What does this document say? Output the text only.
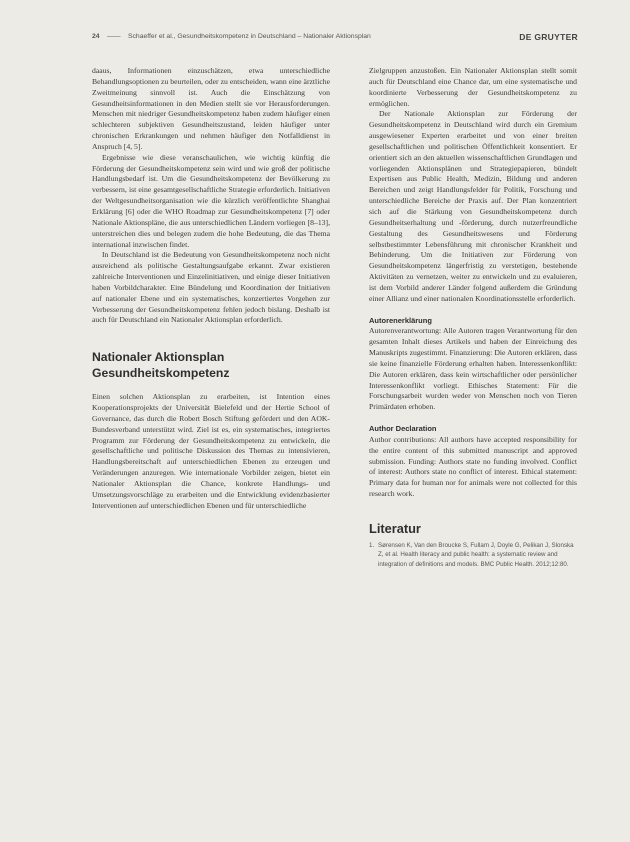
24 —— Schaeffer et al., Gesundheitskompetenz in Deutschland – Nationaler Aktionsplan	DE GRUYTER

daaus, Informationen einzuschätzen, etwa unterschiedliche Behandlungsoptionen zu beurteilen, oder zu entscheiden, wann eine ärztliche Zweitmeinung sinnvoll ist. Auch die Einschätzung von Gesundheitsinformationen in den Medien stellt sie vor Herausforderungen. Menschen mit niedriger Gesundheitskompetenz haben zudem häufiger einen schlechteren subjektiven Gesundheitszustand, leiden häufiger unter chronischen Erkrankungen und nehmen häufiger den Notfalldienst in Anspruch [4, 5].

Ergebnisse wie diese veranschaulichen, wie wichtig künftig die Förderung der Gesundheitskompetenz sein wird und wie groß der politische Handlungsbedarf ist. Um die Gesundheitskompetenz der Bevölkerung zu verbessern, ist eine gesamtgesellschaftliche Strategie erforderlich. Initiativen der Weltgesundheitsorganisation wie die kürzlich veröffentlichte Shanghai Erklärung [6] oder die WHO Roadmap zur Gesundheitskompetenz [7] oder Nationale Aktionspläne, die aus unterschiedlichen Ländern vorliegen [8–13], unterstreichen dies und belegen zudem die hohe Bedeutung, die das Thema international inzwischen findet.

In Deutschland ist die Bedeutung von Gesundheitskompetenz noch nicht ausreichend als politische Gestaltungsaufgabe erkannt. Zwar existieren zahlreiche Interventionen und Einzelinitiativen, und einige dieser Initiativen haben Vorbildcharakter. Eine Bündelung und Koordination der Initiativen auf nationaler Ebene und ein systematisches, konzertiertes Vorgehen zur Verbesserung der Gesundheitskompetenz fehlen jedoch bislang. Deshalb ist auch für Deutschland ein Nationaler Aktionsplan erforderlich.

Nationaler Aktionsplan
Gesundheitskompetenz

Einen solchen Aktionsplan zu erarbeiten, ist Intention eines Kooperationsprojekts der Universität Bielefeld und der Hertie School of Governance, das durch die Robert Bosch Stiftung gefördert und den AOK-Bundesverband unterstützt wird. Ziel ist es, ein systematisches, integriertes Programm zur Förderung der Gesundheitskompetenz zu entwickeln, die gesellschaftliche und politische Diskussion des Themas zu intensivieren, Handlungsbereitschaft auf unterschiedlichen Ebenen zu erzeugen und Veränderungen anzuregen. Wie internationale Vorbilder zeigen, bietet ein Nationaler Aktionsplan die Chance, konkrete Handlungs- und Umsetzungsvorschläge zu erarbeiten und die Entwicklung evidenzbasierter Interventionen auf unterschiedlichen Ebenen und für unterschiedliche

Zielgruppen anzustoßen. Ein Nationaler Aktionsplan stellt somit auch für Deutschland eine Chance dar, um eine systematische und koordinierte Verbesserung der Gesundheitskompetenz zu ermöglichen.

Der Nationale Aktionsplan zur Förderung der Gesundheitskompetenz in Deutschland wird durch ein Gremium ausgewiesener Experten erarbeitet und von einer breiten gesellschaftlichen und politischen Öffentlichkeit konsentiert. Er orientiert sich an den aktuellen wissenschaftlichen Grundlagen und vorliegenden Aktionsplänen und Strategiepapieren, bündelt Expertisen aus Public Health, Medizin, Bildung und anderen Bereichen und zeigt Handlungsfelder für Politik, Forschung und unterschiedliche Bereiche der Praxis auf. Der Plan konzentriert sich auf die Stärkung von Gesundheitskompetenz durch Gesundheitserhaltung und -förderung, durch nutzerfreundliche Gestaltung des Gesundheitswesens und Förderung selbstbestimmter Lebensführung mit chronischer Krankheit und Behinderung. Um die Initiativen zur Förderung von Gesundheitskompetenz längerfristig zu verstetigen, bestehende Aktivitäten zu vernetzen, weiter zu entwickeln und zu evaluieren, ist dem Vorbild anderer Länder folgend außerdem die Gründung einer Allianz und einer nationalen Koordinationsstelle erforderlich.

Autorenerklärung

Autorenverantwortung: Alle Autoren tragen Verantwortung für den gesamten Inhalt dieses Artikels und haben der Einreichung des Manuskripts zugestimmt. Finanzierung: Die Autoren erklären, dass sie keine finanzielle Förderung erhalten haben. Interessenkonflikt: Die Autoren erklären, dass kein wirtschaftlicher oder persönlicher Interessenkonflikt vorliegt. Ethisches Statement: Für die Forschungsarbeit wurden weder von Menschen noch von Tieren Primärdaten erhoben.

Author Declaration

Author contributions: All authors have accepted responsibility for the entire content of this submitted manuscript and approved submission. Funding: Authors state no funding involved. Conflict of interest: Authors state no conflict of interest. Ethical statement: Primary data for human nor for animals were not collected for this research work.

Literatur
1. Sørensen K, Van den Broucke S, Fullam J, Doyle G, Pelikan J, Slonska Z, et al. Health literacy and public health: a systematic review and integration of definitions and models. BMC Public Health. 2012;12:80.
